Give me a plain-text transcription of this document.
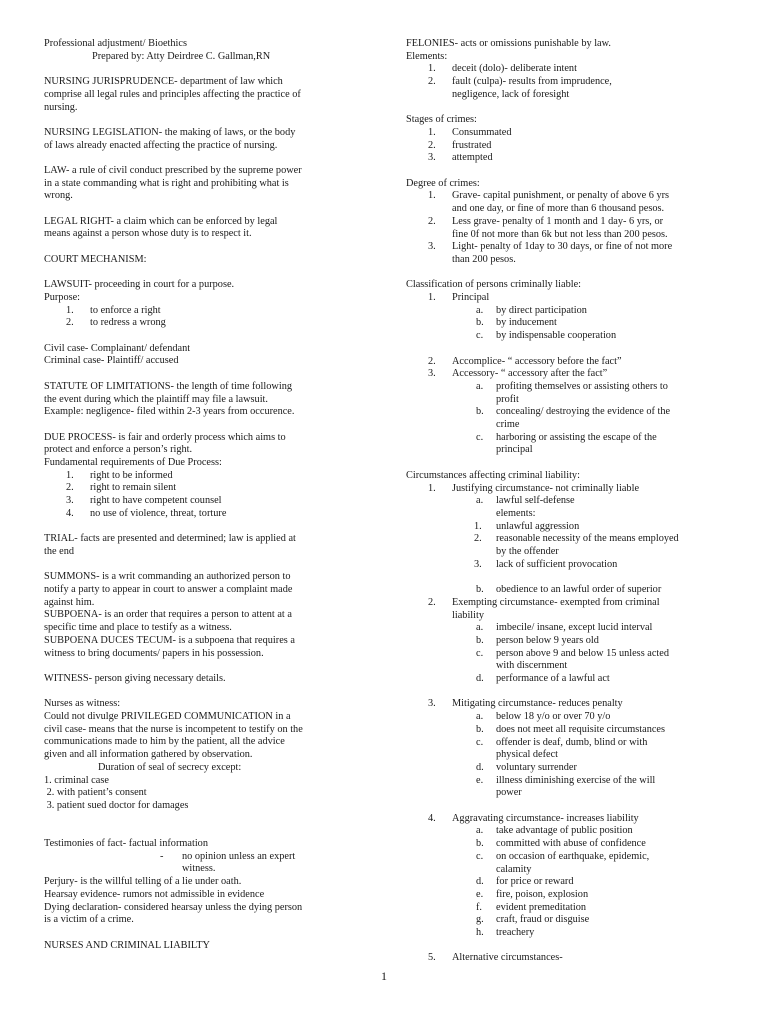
Professional adjustment/ Bioethics
Prepared by: Atty Deirdree C. Gallman,RN
NURSING JURISPRUDENCE- department of law which
comprise all legal rules and principles affecting the practice of
nursing.
NURSING LEGISLATION- the making of laws, or the body
of laws already enacted affecting the practice of nursing.
LAW- a rule of civil conduct prescribed by the supreme power
in a state commanding what is right and prohibiting what is
wrong.
LEGAL RIGHT- a claim which can be enforced by legal
means against a person whose duty is to respect it.
COURT MECHANISM:
LAWSUIT- proceeding in court for a purpose.
Purpose:
1. to enforce a right
2. to redress a wrong
Civil case- Complainant/ defendant
Criminal case- Plaintiff/ accused
STATUTE OF LIMITATIONS- the length of time following
the event during which the plaintiff may file a lawsuit.
Example: negligence- filed within 2-3 years from occurence.
DUE PROCESS- is fair and orderly process which aims to
protect and enforce a person’s right.
Fundamental requirements of Due Process:
1. right to be informed
2. right to remain silent
3. right to have competent counsel
4. no use of violence, threat, torture
TRIAL- facts are presented and determined; law is applied at
the end
SUMMONS- is a writ commanding an authorized person to
notify a party to appear in court to answer a complaint made
against him.
SUBPOENA- is an order that requires a person to attent at a
specific time and place to testify as a witness.
SUBPOENA DUCES TECUM- is a subpoena that requires a
witness to bring documents/ papers in his possession.
WITNESS- person giving necessary details.
Nurses as witness:
Could not divulge PRIVILEGED COMMUNICATION in a
civil case- means that the nurse is incompetent to testify on the
communications made to him by the patient, all the advice
given and all information gathered by observation.
Duration of seal of secrecy except:
1. criminal case
2. with patient’s consent
3. patient sued doctor for damages
Testimonies of fact- factual information
- no opinion unless an expert
witness.
Perjury- is the willful telling of a lie under oath.
Hearsay evidence- rumors not admissible in evidence
Dying declaration- considered hearsay unless the dying person
is a victim of a crime.
NURSES AND CRIMINAL LIABILTY
FELONIES- acts or omissions punishable by law.
Elements:
1. deceit (dolo)- deliberate intent
2. fault (culpa)- results from imprudence,
negligence, lack of foresight
Stages of crimes:
1. Consummated
2. frustrated
3. attempted
Degree of crimes:
1. Grave- capital punishment, or penalty of above 6 yrs
and one day, or fine of more than 6 thousand pesos.
2. Less grave- penalty of 1 month and 1 day- 6 yrs, or
fine 0f not more than 6k but not less than 200 pesos.
3. Light- penalty of 1day to 30 days, or fine of not more
than 200 pesos.
Classification of persons criminally liable:
1. Principal
a. by direct participation
b. by inducement
c. by indispensable cooperation
2. Accomplice- “ accessory before the fact”
3. Accessory- “ accessory after the fact”
a. profiting themselves or assisting others to
profit
b. concealing/ destroying the evidence of the
crime
c. harboring or assisting the escape of the
principal
Circumstances affecting criminal liability:
1. Justifying circumstance- not criminally liable
a. lawful self-defense
elements:
1. unlawful aggression
2. reasonable necessity of the means employed
by the offender
3. lack of sufficient provocation
b. obedience to an lawful order of superior
2. Exempting circumstance- exempted from criminal
liability
a. imbecile/ insane, except lucid interval
b. person below 9 years old
c. person above 9 and below 15 unless acted
with discernment
d. performance of a lawful act
3. Mitigating circumstance- reduces penalty
a. below 18 y/o or over 70 y/o
b. does not meet all requisite circumstances
c. offender is deaf, dumb, blind or with
physical defect
d. voluntary surrender
e. illness diminishing exercise of the will
power
4. Aggravating circumstance- increases liability
a. take advantage of public position
b. committed with abuse of confidence
c. on occasion of earthquake, epidemic,
calamity
d. for price or reward
e. fire, poison, explosion
f. evident premeditation
g. craft, fraud or disguise
h. treachery
5. Alternative circumstances-
1
